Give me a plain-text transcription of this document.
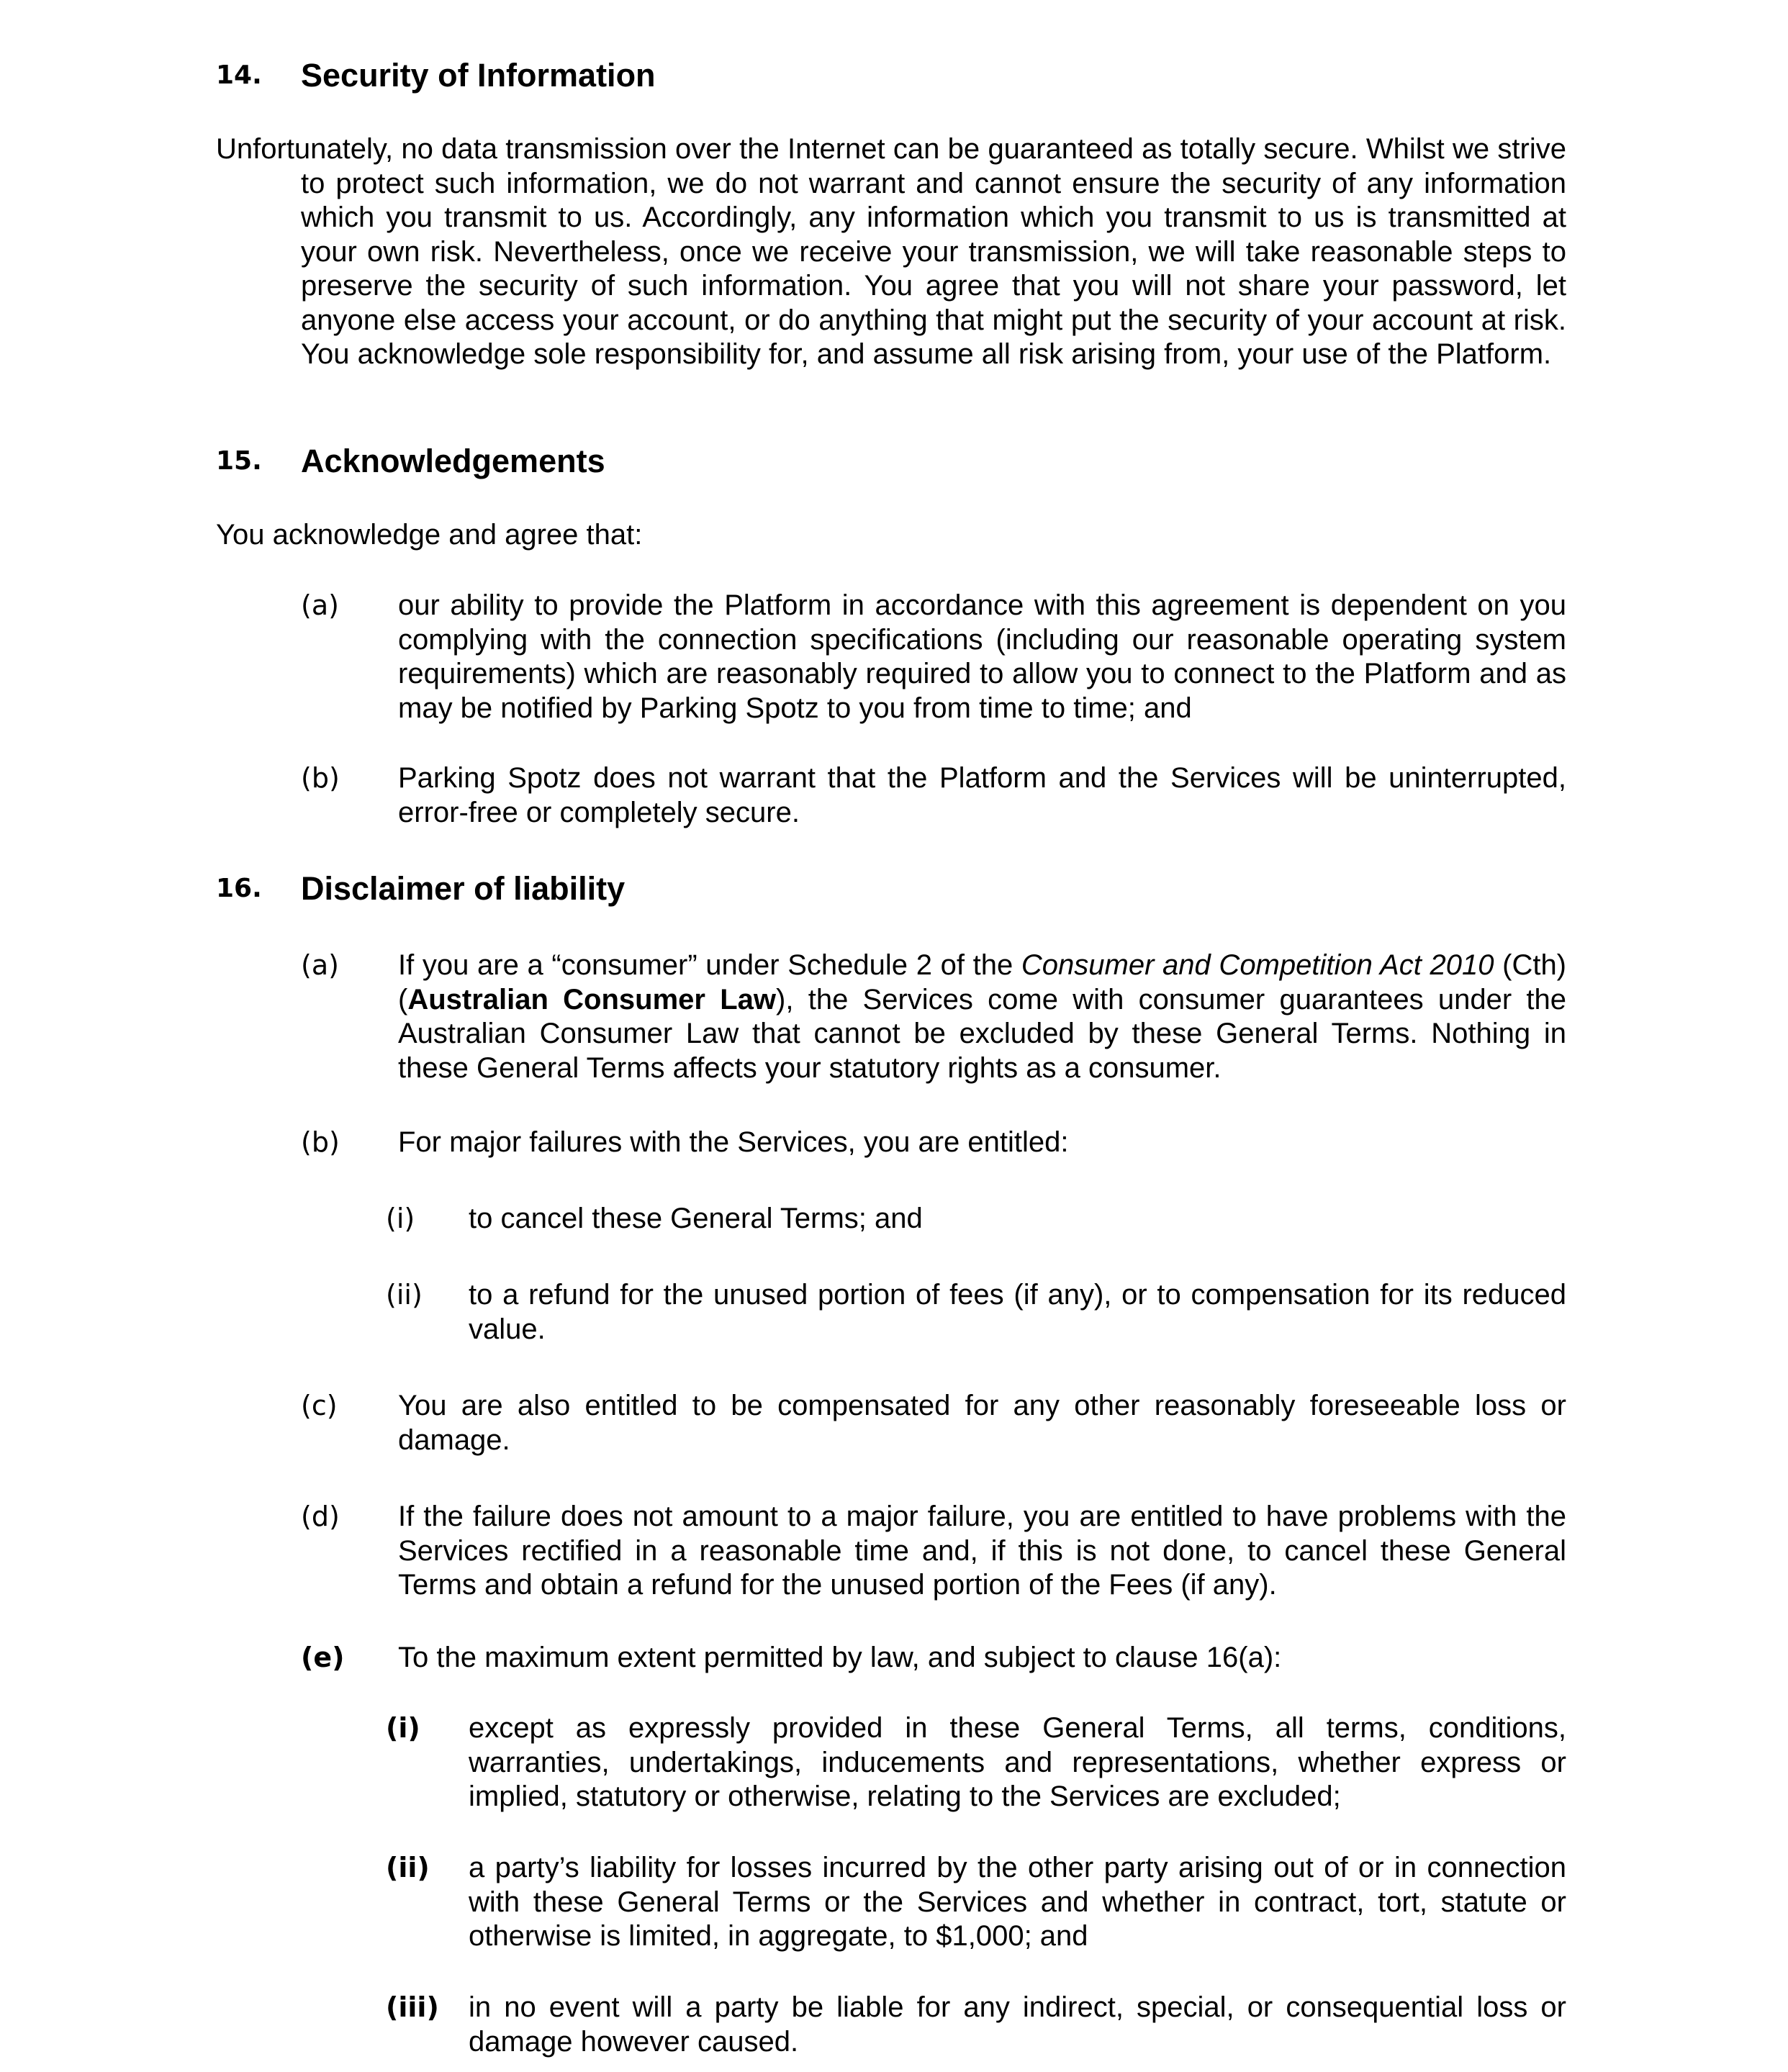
14. Security of Information

Unfortunately, no data transmission over the Internet can be guaranteed as totally secure. Whilst we strive to protect such information, we do not warrant and cannot ensure the security of any information which you transmit to us. Accordingly, any information which you transmit to us is transmitted at your own risk. Nevertheless, once we receive your transmission, we will take reasonable steps to preserve the security of such information. You agree that you will not share your password, let anyone else access your account, or do anything that might put the security of your account at risk. You acknowledge sole responsibility for, and assume all risk arising from, your use of the Platform.

15. Acknowledgements
You acknowledge and agree that:
(a) our ability to provide the Platform in accordance with this agreement is dependent on you complying with the connection specifications (including our reasonable operating system requirements) which are reasonably required to allow you to connect to the Platform and as may be notified by Parking Spotz to you from time to time; and

(b) Parking Spotz does not warrant that the Platform and the Services will be uninterrupted, error-free or completely secure.

16. Disclaimer of liability
(a) If you are a “consumer” under Schedule 2 of the Consumer and Competition Act 2010 (Cth) (Australian Consumer Law), the Services come with consumer guarantees under the Australian Consumer Law that cannot be excluded by these General Terms. Nothing in these General Terms affects your statutory rights as a consumer.

(b) For major failures with the Services, you are entitled:

(i) to cancel these General Terms; and

(ii) to a refund for the unused portion of fees (if any), or to compensation for its reduced value.

(c) You are also entitled to be compensated for any other reasonably foreseeable loss or damage.

(d) If the failure does not amount to a major failure, you are entitled to have problems with the Services rectified in a reasonable time and, if this is not done, to cancel these General Terms and obtain a refund for the unused portion of the Fees (if any).

(e) To the maximum extent permitted by law, and subject to clause 16(a):

(i) except as expressly provided in these General Terms, all terms, conditions, warranties, undertakings, inducements and representations, whether express or implied, statutory or otherwise, relating to the Services are excluded;

(ii) a party’s liability for losses incurred by the other party arising out of or in connection with these General Terms or the Services and whether in contract, tort, statute or otherwise is limited, in aggregate, to $1,000; and

(iii) in no event will a party be liable for any indirect, special, or consequential loss or damage however caused.
